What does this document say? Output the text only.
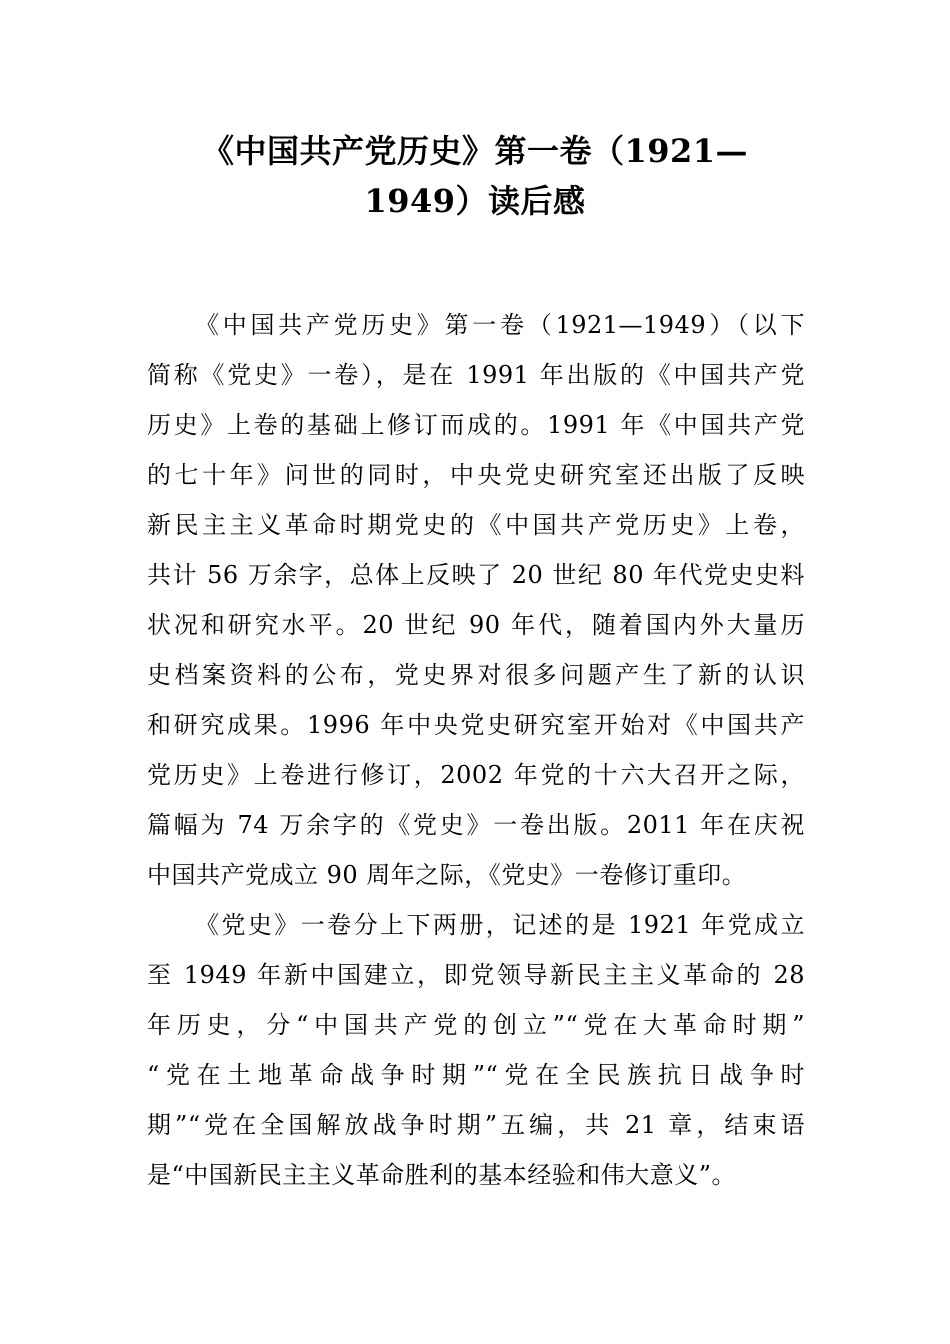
《中国共产党历史》第一卷（1921—
1949）读后感
《中国共产党历史》第一卷（1921—1949）（以下
简称《党史》一卷），是在 1991 年出版的《中国共产党
历史》上卷的基础上修订而成的。1991 年《中国共产党
的七十年》问世的同时，中央党史研究室还出版了反映
新民主主义革命时期党史的《中国共产党历史》上卷，
共计 56 万余字，总体上反映了 20 世纪 80 年代党史史料
状况和研究水平。20 世纪 90 年代，随着国内外大量历
史档案资料的公布，党史界对很多问题产生了新的认识
和研究成果。1996 年中央党史研究室开始对《中国共产
党历史》上卷进行修订，2002 年党的十六大召开之际，
篇幅为 74 万余字的《党史》一卷出版。2011 年在庆祝
中国共产党成立 90 周年之际，《党史》一卷修订重印。
《党史》一卷分上下两册，记述的是 1921 年党成立
至 1949 年新中国建立，即党领导新民主主义革命的 28
年历史，分“中国共产党的创立”“党在大革命时期”
“党在土地革命战争时期”“党在全民族抗日战争时
期”“党在全国解放战争时期”五编，共 21 章，结束语
是“中国新民主主义革命胜利的基本经验和伟大意义”。
